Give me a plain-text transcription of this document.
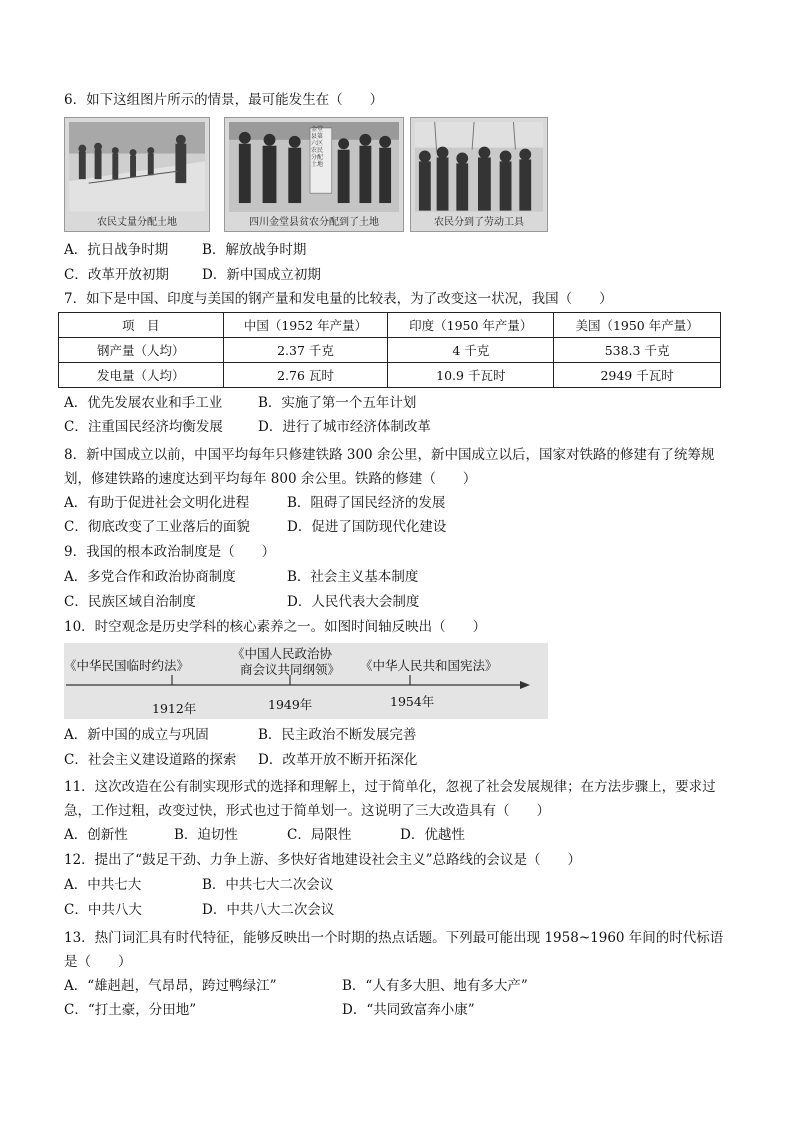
6．如下这组图片所示的情景，最可能发生在（　　）
农民丈量分配土地
金堂县第六区农民分配土地
四川金堂县贫农分配到了土地	农民分到了劳动工具
A．抗日战争时期	B．解放战争时期
C．改革开放初期 D．新中国成立初期
7．如下是中国、印度与美国的钢产量和发电量的比较表，为了改变这一状况，我国（　　）
项　目	中国（1952 年产量）	印度（1950 年产量）	美国（1950 年产量）
钢产量（人均）	2.37 千克	4 千克	538.3 千克
发电量（人均）	2.76 瓦时	10.9 千瓦时	2949 千瓦时
A．优先发展农业和手工业	B．实施了第一个五年计划
C．注重国民经济均衡发展	D．进行了城市经济体制改革
8．新中国成立以前，中国平均每年只修建铁路 300 余公里，新中国成立以后，国家对铁路的修建有了统筹规划，修建铁路的速度达到平均每年 800 余公里。铁路的修建（　　）
A．有助于促进社会文明化进程	B．阻碍了国民经济的发展
C．彻底改变了工业落后的面貌	D．促进了国防现代化建设
9．我国的根本政治制度是（　　）
A．多党合作和政治协商制度	B．社会主义基本制度
C．民族区域自治制度	D．人民代表大会制度
10．时空观念是历史学科的核心素养之一。如图时间轴反映出（　　）
《中华民国临时约法》
《中国人民政治协
商会议共同纲领》 《中华人民共和国宪法》
1912年	1949年	1954年
A．新中国的成立与巩固	B．民主政治不断发展完善
C．社会主义建设道路的探索 D．改革开放不断开拓深化
11．这次改造在公有制实现形式的选择和理解上，过于简单化，忽视了社会发展规律；在方法步骤上，要求过急，工作过粗，改变过快，形式也过于简单划一。这说明了三大改造具有（　　）
A．创新性	B．迫切性	C．局限性	D．优越性
12．提出了“鼓足干劲、力争上游、多快好省地建设社会主义”总路线的会议是（　　）
A．中共七大	B．中共七大二次会议
C．中共八大	D．中共八大二次会议
13．热门词汇具有时代特征，能够反映出一个时期的热点话题。下列最可能出现 1958~1960 年间的时代标语是（　　）
A．“雄赳赳，气昂昂，跨过鸭绿江”	B．“人有多大胆、地有多大产”
C．“打土豪，分田地”	D．“共同致富奔小康”
